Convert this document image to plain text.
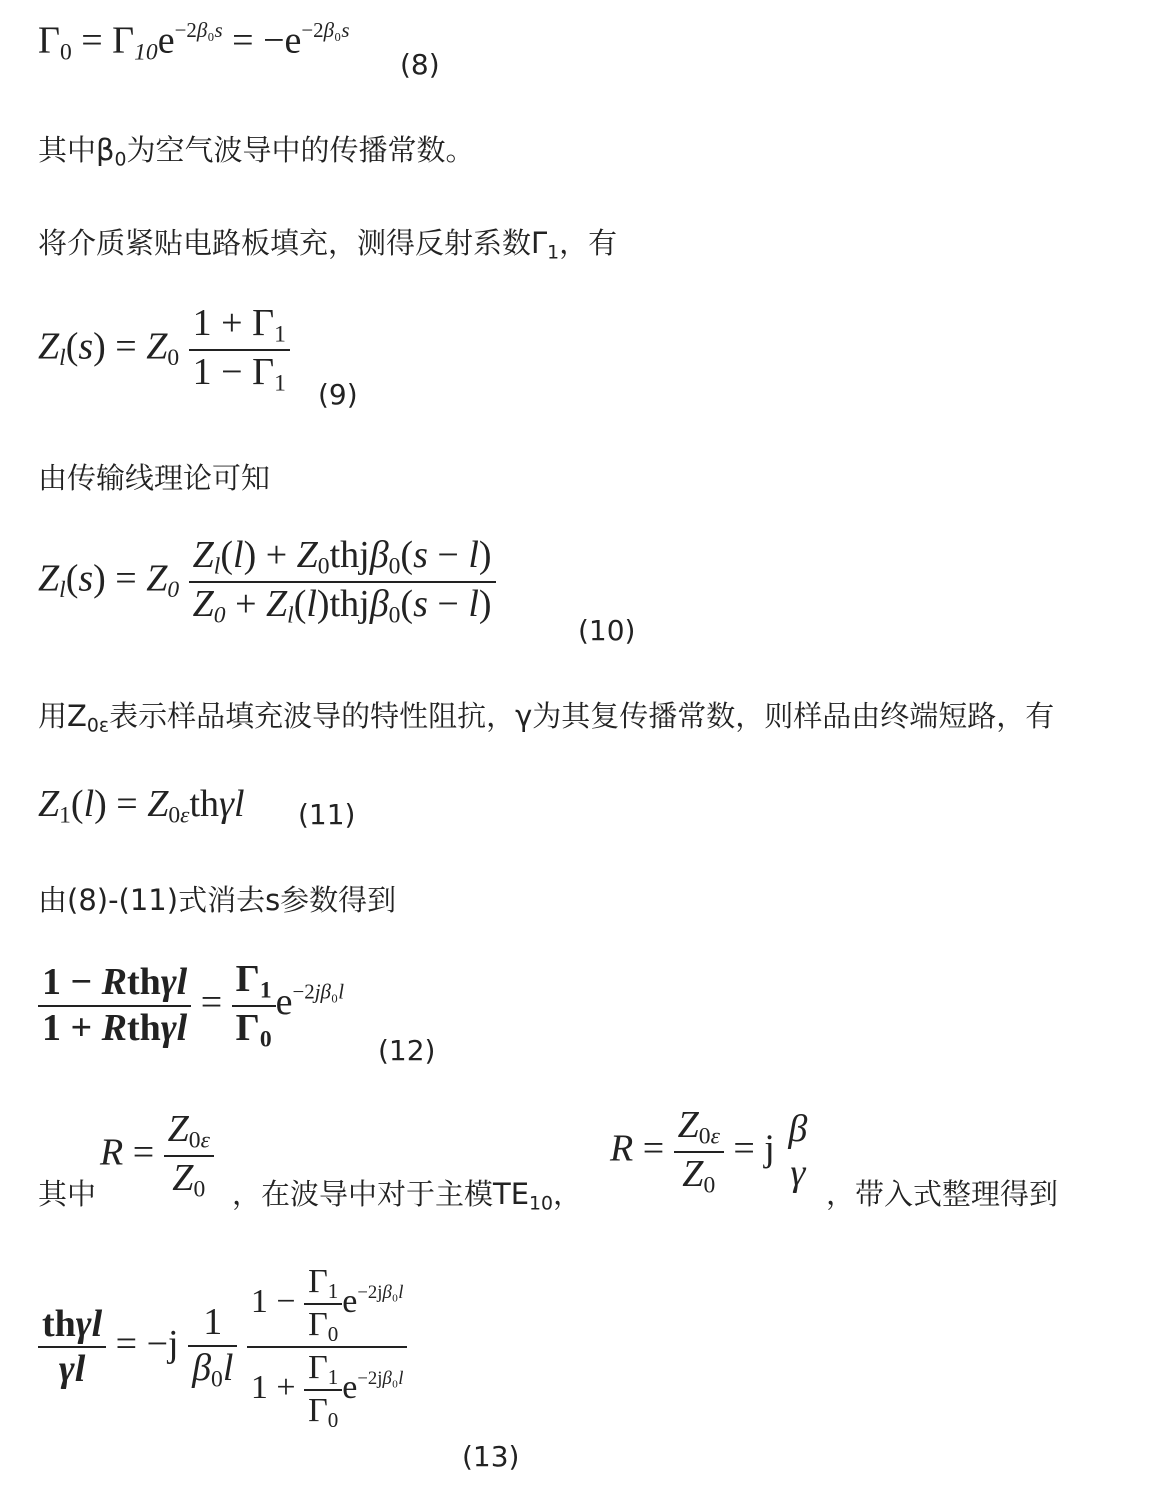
$\Gamma_0 = \Gamma_{10}e^{-2\beta_0s} = -e^{-2\beta_0s}$
(8)
其中β0为空气波导中的传播常数。
将介质紧贴电路板填充，测得反射系数Γ1，有
$Z_l(s) = Z_0 \frac{1 + \Gamma_1}{1 - \Gamma_1} (9)$
由传输线理论可知
$Z_l(s) = Z_0 \frac{Z_l(l) + Z_0thj\beta_0(s - l)}{Z_0 + Z_l(l)thj\beta_0(s - l)}$
(10)
用Z0ε表示样品填充波导的特性阻抗，γ为其复传播常数，则样品由终端短路，有
$Z_1(l) = Z_{0\varepsilon}th\gamma l$ (11)
由(8)-(11)式消去s参数得到
$\frac{\text{1 − Rthγl}}{\text{1 + Rthγl}} = \frac{\Gamma_1}{\Gamma_0} e^{-2j\beta_0l}$
(12)
其中
$R = \frac{Z_{0\varepsilon}}{Z_0}$ ，在波导中对于主模TE10，
$R = \frac{Z_{0\varepsilon}}{Z_0} = j$ β
γ
，带入式整理得到
$\frac{\text{thγl}}{\gamma l} = -j \frac{1}{\beta_0l}$
$\frac{1 - \frac{\Gamma_1}{\Gamma_0} e^{-2j\beta_0l}}{1 + \frac{\Gamma_1}{\Gamma_0} e^{-2j\beta_0l}}$
(13)
